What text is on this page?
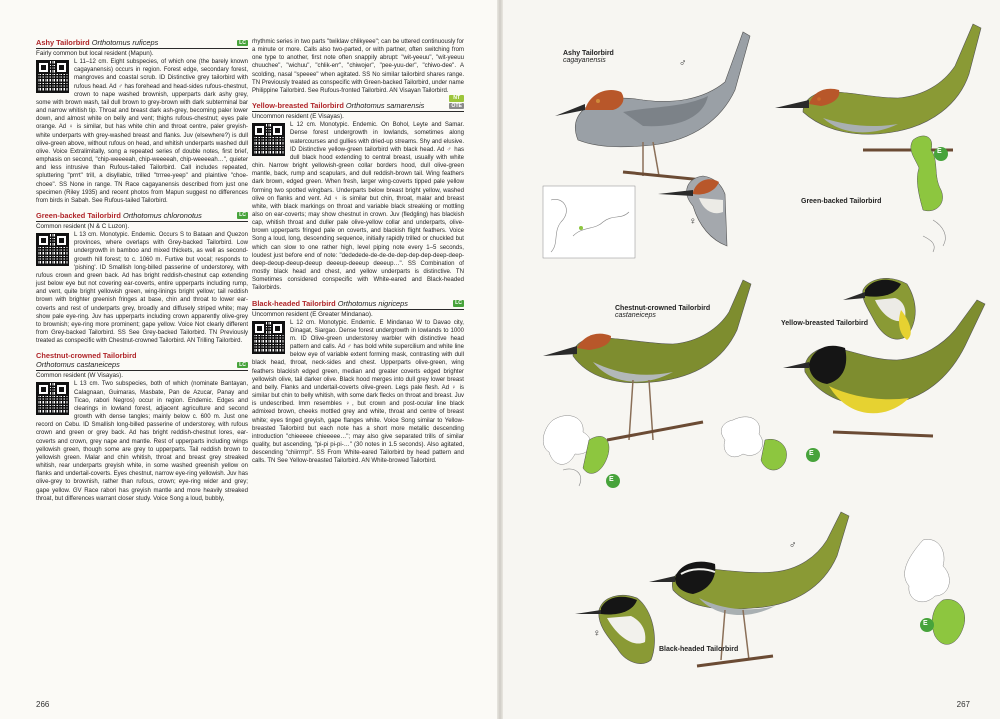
Ashy Tailorbird Orthotomus ruficeps	LC
Fairly common but local resident (Mapun).
L 11–12 cm. Eight subspecies, of which one (the barely known cagayanensis) occurs in region. Forest edge, secondary forest, mangroves and coastal scrub. ID Distinctive grey tailorbird with rufous head. Ad ♂ has forehead and head-sides rufous-chestnut, crown to nape washed brownish, upperparts dark ashy grey, some with brown wash, tail dull brown to grey-brown with dark subterminal bar and narrow whitish tip. Throat and breast dark ash-grey, becoming paler lower down, and almost white on belly and vent; thighs rufous-chestnut; eyes pale orange. Ad ♀ is similar, but has white chin and throat centre, paler greyish-white underparts with grey-washed breast and flanks. Juv (elsewhere?) is dull olive-green above, without rufous on head, and whitish underparts washed dull olive. Voice Extralimitally, song a repeated series of double notes, first brief, emphasis on second, "chip-weeeeah, chip-weeeeah, chip-weeeeah…", quieter and less intrusive than Rufous-tailed Tailorbird. Call includes repeated, spluttering "prrrt" trill, a disyllabic, trilled "trrree-yeep" and plaintive "choe-choee". SS None in range. TN Race cagayanensis described from just one specimen (Riley 1935) and recent photos from Mapun suggest no differences from birds in Sabah. See Rufous-tailed Tailorbird.
Green-backed Tailorbird Orthotomus chloronotus	LC
Common resident (N & C Luzon).
L 13 cm. Monotypic. Endemic. Occurs S to Bataan and Quezon provinces, where overlaps with Grey-backed Tailorbird. Low undergrowth in bamboo and mixed thickets, as well as second-growth hill forest; to c. 1060 m. Furtive but vocal; responds to 'pishing'. ID Smallish long-billed passerine of understorey, with rufous crown and green back. Ad has bright reddish-chestnut cap extending just below eye but not covering ear-coverts, entire upperparts including rump, and vent, quite bright yellowish green, wing-linings bright yellow; tail reddish brown with brighter greenish fringes at base, chin and throat to lower ear-coverts and rest of underparts grey, broadly and diffusely striped white; may show pale eye-ring. Juv has upperparts including crown apparently olive-grey to brownish; eye-ring more prominent; gape yellow. Voice Not clearly different from Grey-backed Tailorbird. SS See Grey-backed Tailorbird. TN Previously treated as conspecific with Chestnut-crowned Tailorbird. AN Trilling Tailorbird.
Chestnut-crowned Tailorbird
Orthotomus castaneiceps	LC
Common resident (W Visayas).
L 13 cm. Two subspecies, both of which (nominate Bantayan, Calagnaan, Guimaras, Masbate, Pan de Azucar, Panay and Ticao, rabori Negros) occur in region. Endemic. Edges and clearings in lowland forest, adjacent agriculture and second growth with dense tangles; mainly below c. 600 m. Just one record on Cebu. ID Smallish long-billed passerine of understorey, with rufous crown and green or grey back. Ad has bright reddish-chestnut lores, ear-coverts and crown, grey nape and mantle. Rest of upperparts including wings yellowish green, though some are grey to upperparts. Tail reddish brown to yellowish green. Malar and chin whitish, throat and breast grey streaked whitish, rear underparts greyish white, in some washed greenish yellow on flanks and undertail-coverts. Eyes chestnut, narrow eye-ring yellowish. Juv has olive-grey to brownish, rather than rufous, crown; eye-ring wider and grey; gape yellow. GV Race rabori has greyish mantle and more heavily streaked throat, but differences warrant closer study. Voice Song a loud, bubbly,
rhythmic series in two parts "twiklaw chlikyeee"; can be uttered continuously for a minute or more. Calls also two-parted, or with partner, often switching from one type to another, first note often snappily abrupt: "wit-yeeuu", "wit-yeeuu chuuchee", "wichuu", "chlik-err", "chiwojer", "pee-yuu-der", "chiwo-dee". A scolding, nasal "speeee" when agitated. SS No similar tailorbird shares range. TN Previously treated as conspecific with Green-backed Tailorbird, under name Philippine Tailorbird. See Rufous-fronted Tailorbird. AN Visayan Tailorbird.
Yellow-breasted Tailorbird Orthotomus samarensis
NT
OTE
Uncommon resident (E Visayas).
L 12 cm. Monotypic. Endemic. On Bohol, Leyte and Samar. Dense forest undergrowth in lowlands, sometimes along watercourses and gullies with dried-up streams. Shy and elusive. ID Distinctive yellow-green tailorbird with black head. Ad ♂ has dull black hood extending to central breast, usually with white chin. Narrow bright yellowish-green collar borders hood, dull olive-green mantle, back, rump and scapulars, and dull reddish-brown tail. Wing feathers dark brown, edged green. When fresh, larger wing-coverts tipped pale yellow forming two spotted wingbars. Underparts below breast bright yellow, washed olive on flanks and vent. Ad ♀ is similar but chin, throat, malar and breast white, with black markings on throat and variable black streaking or mottling also on ear-coverts; may show chestnut in crown. Juv (fledgling) has blackish cap, whitish throat and duller pale olive-yellow collar and underparts, olive-brown upperparts fringed pale on coverts, and blackish flight feathers. Voice Song a loud, long, descending sequence, initially rapidly trilled or chuckled but which can slow to one rather high, level piping note every 1–5 seconds, loudest just before end of note: "dededede-de-de-de-dep-dep-dep-deep-deep-deep-deoup-deeup-deeup deeeup-deeeup deeeup…". SS Combination of mostly black head and chest, and yellow underparts is distinctive. TN Sometimes considered conspecific with White-eared and Black-headed Tailorbirds.
Black-headed Tailorbird Orthotomus nigriceps	LC
Uncommon resident (E Greater Mindanao).
L 12 cm. Monotypic. Endemic. E Mindanao W to Davao city, Dinagat, Siargao. Dense forest undergrowth in lowlands to 1000 m. ID Olive-green understorey warbler with distinctive head pattern and calls. Ad ♂ has bold white supercilium and white line below eye of variable extent forming mask, contrasting with dull black head, throat, neck-sides and chest. Upperparts olive-green, wing feathers blackish edged green, median and greater coverts edged brighter yellowish olive, tail darker olive. Black hood merges into dull grey lower breast and belly. Flanks and undertail-coverts olive-green. Legs pale flesh. Ad ♀ is similar but chin to belly whitish, with some dark flecks on throat and breast. Juv is undescribed. Imm resembles ♀, but crown and post-ocular line black admixed brown, cheeks mottled grey and white, throat and centre of breast white; eyes tinged greyish, gape flanges white. Voice Song similar to Yellow-breasted Tailorbird but each note has a short more metallic descending introduction "chieeeee chieeeee…"; may also give separated trills of similar quality, but ascending, "pi-pi pi-pi-…" (30 notes in 1.5 seconds). Also agitated, descending "chiirrrrp!". SS From White-eared Tailorbird by head pattern and calls. TN See Yellow-breasted Tailorbird. AN White-browed Tailorbird.
266
Ashy Tailorbird
cagayanensis	♂
♀
Green-backed Tailorbird
E
Chestnut-crowned Tailorbird
castaneiceps
E
Yellow-breasted Tailorbird
E
♂
♀
Black-headed Tailorbird
E
267
